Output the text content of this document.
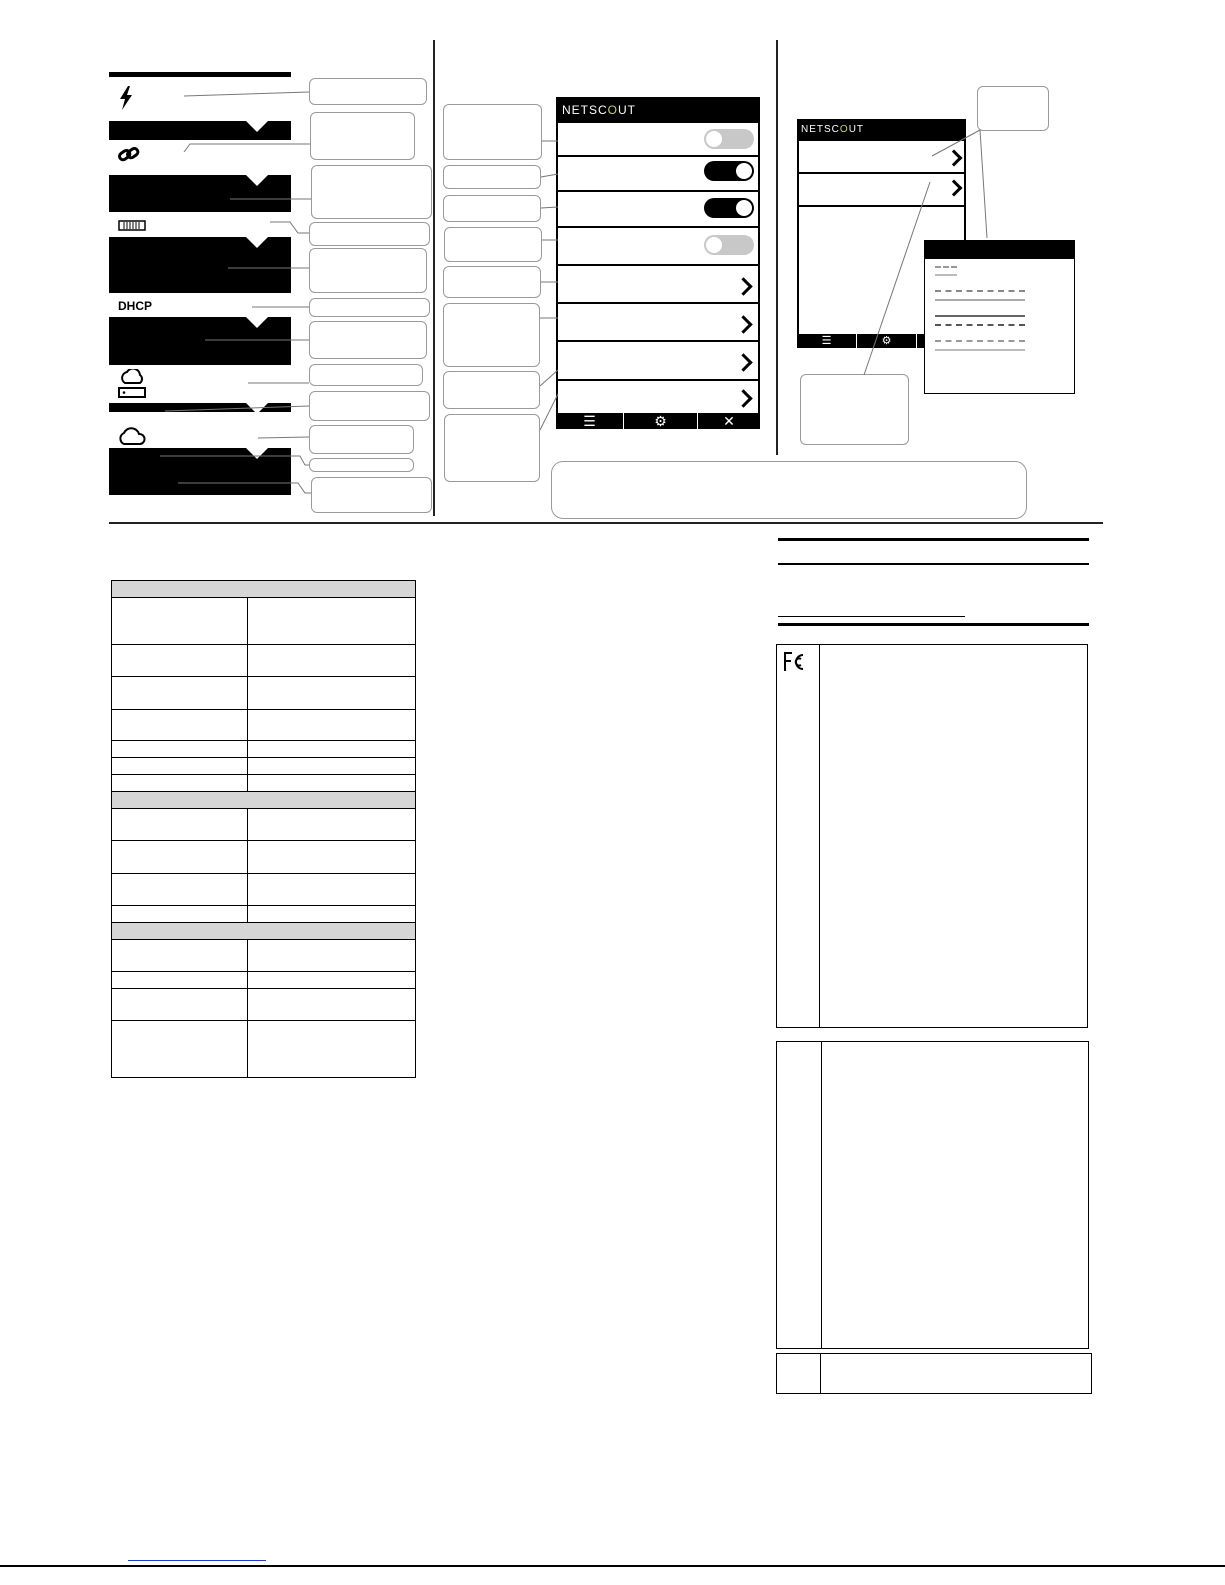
DHCP
NETSCOUT
☰	⚙	✕
NETSCOUT
☰	⚙
